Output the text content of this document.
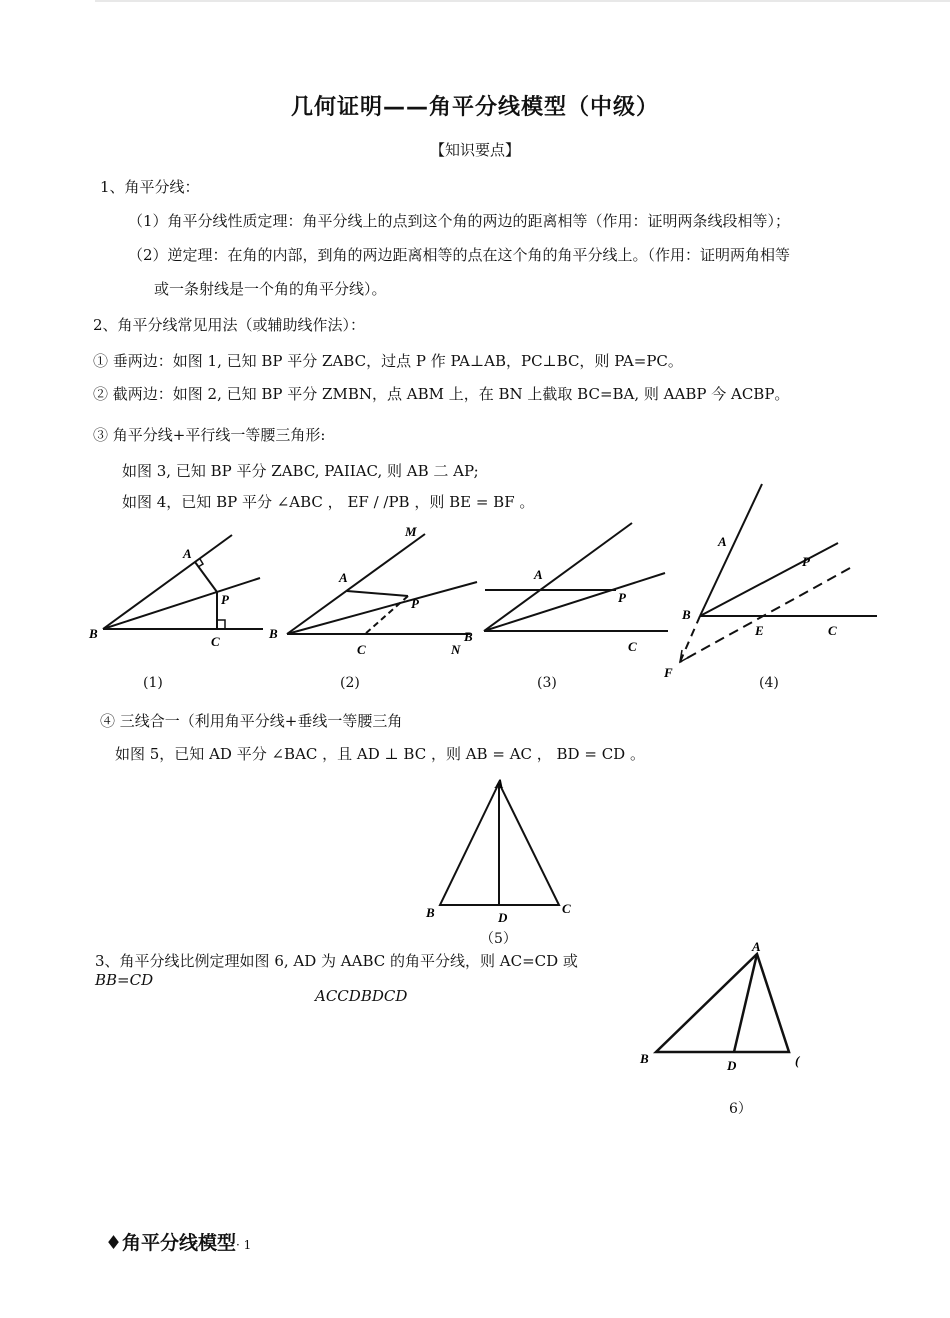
几何证明——角平分线模型（中级）
【知识要点】
1、角平分线：
（1）角平分线性质定理：角平分线上的点到这个角的两边的距离相等（作用：证明两条线段相等）；
（2）逆定理：在角的内部，到角的两边距离相等的点在这个角的角平分线上。（作用：证明两角相等
或一条射线是一个角的角平分线）。
2、角平分线常见用法（或辅助线作法）：
① 垂两边：如图 1, 已知 BP 平分 ZABC，过点 P 作 PA⊥AB，PC⊥BC，则 PA=PC。
② 截两边：如图 2, 已知 BP 平分 ZMBN，点 ABM 上，在 BN 上截取 BC=BA, 则 AABP 今 ACBP。
③ 角平分线+平行线一等腰三角形:
如图 3, 已知 BP 平分 ZABC, PAIIAC, 则 AB 二 AP;
如图 4，已知 BP 平分 ∠ABC ， EF / /PB ，则 BE = BF 。
A
P
B
C
M
A
P
B
C	N
A
P
B
C
A
P
B
E	C
F
(1)	(2)	(3)	(4)
④ 三线合一（利用角平分线+垂线一等腰三角
如图 5，已知 AD 平分 ∠BAC ，且 AD ⊥ BC ，则 AB = AC ， BD = CD 。
A
B	D
C
（5）
3、角平分线比例定理如图 6, AD 为 AABC 的角平分线，则 AC=CD 或
BB=CD
ACCDBDCD
A
B	D	(
6）
♦角平分线模型· 1
